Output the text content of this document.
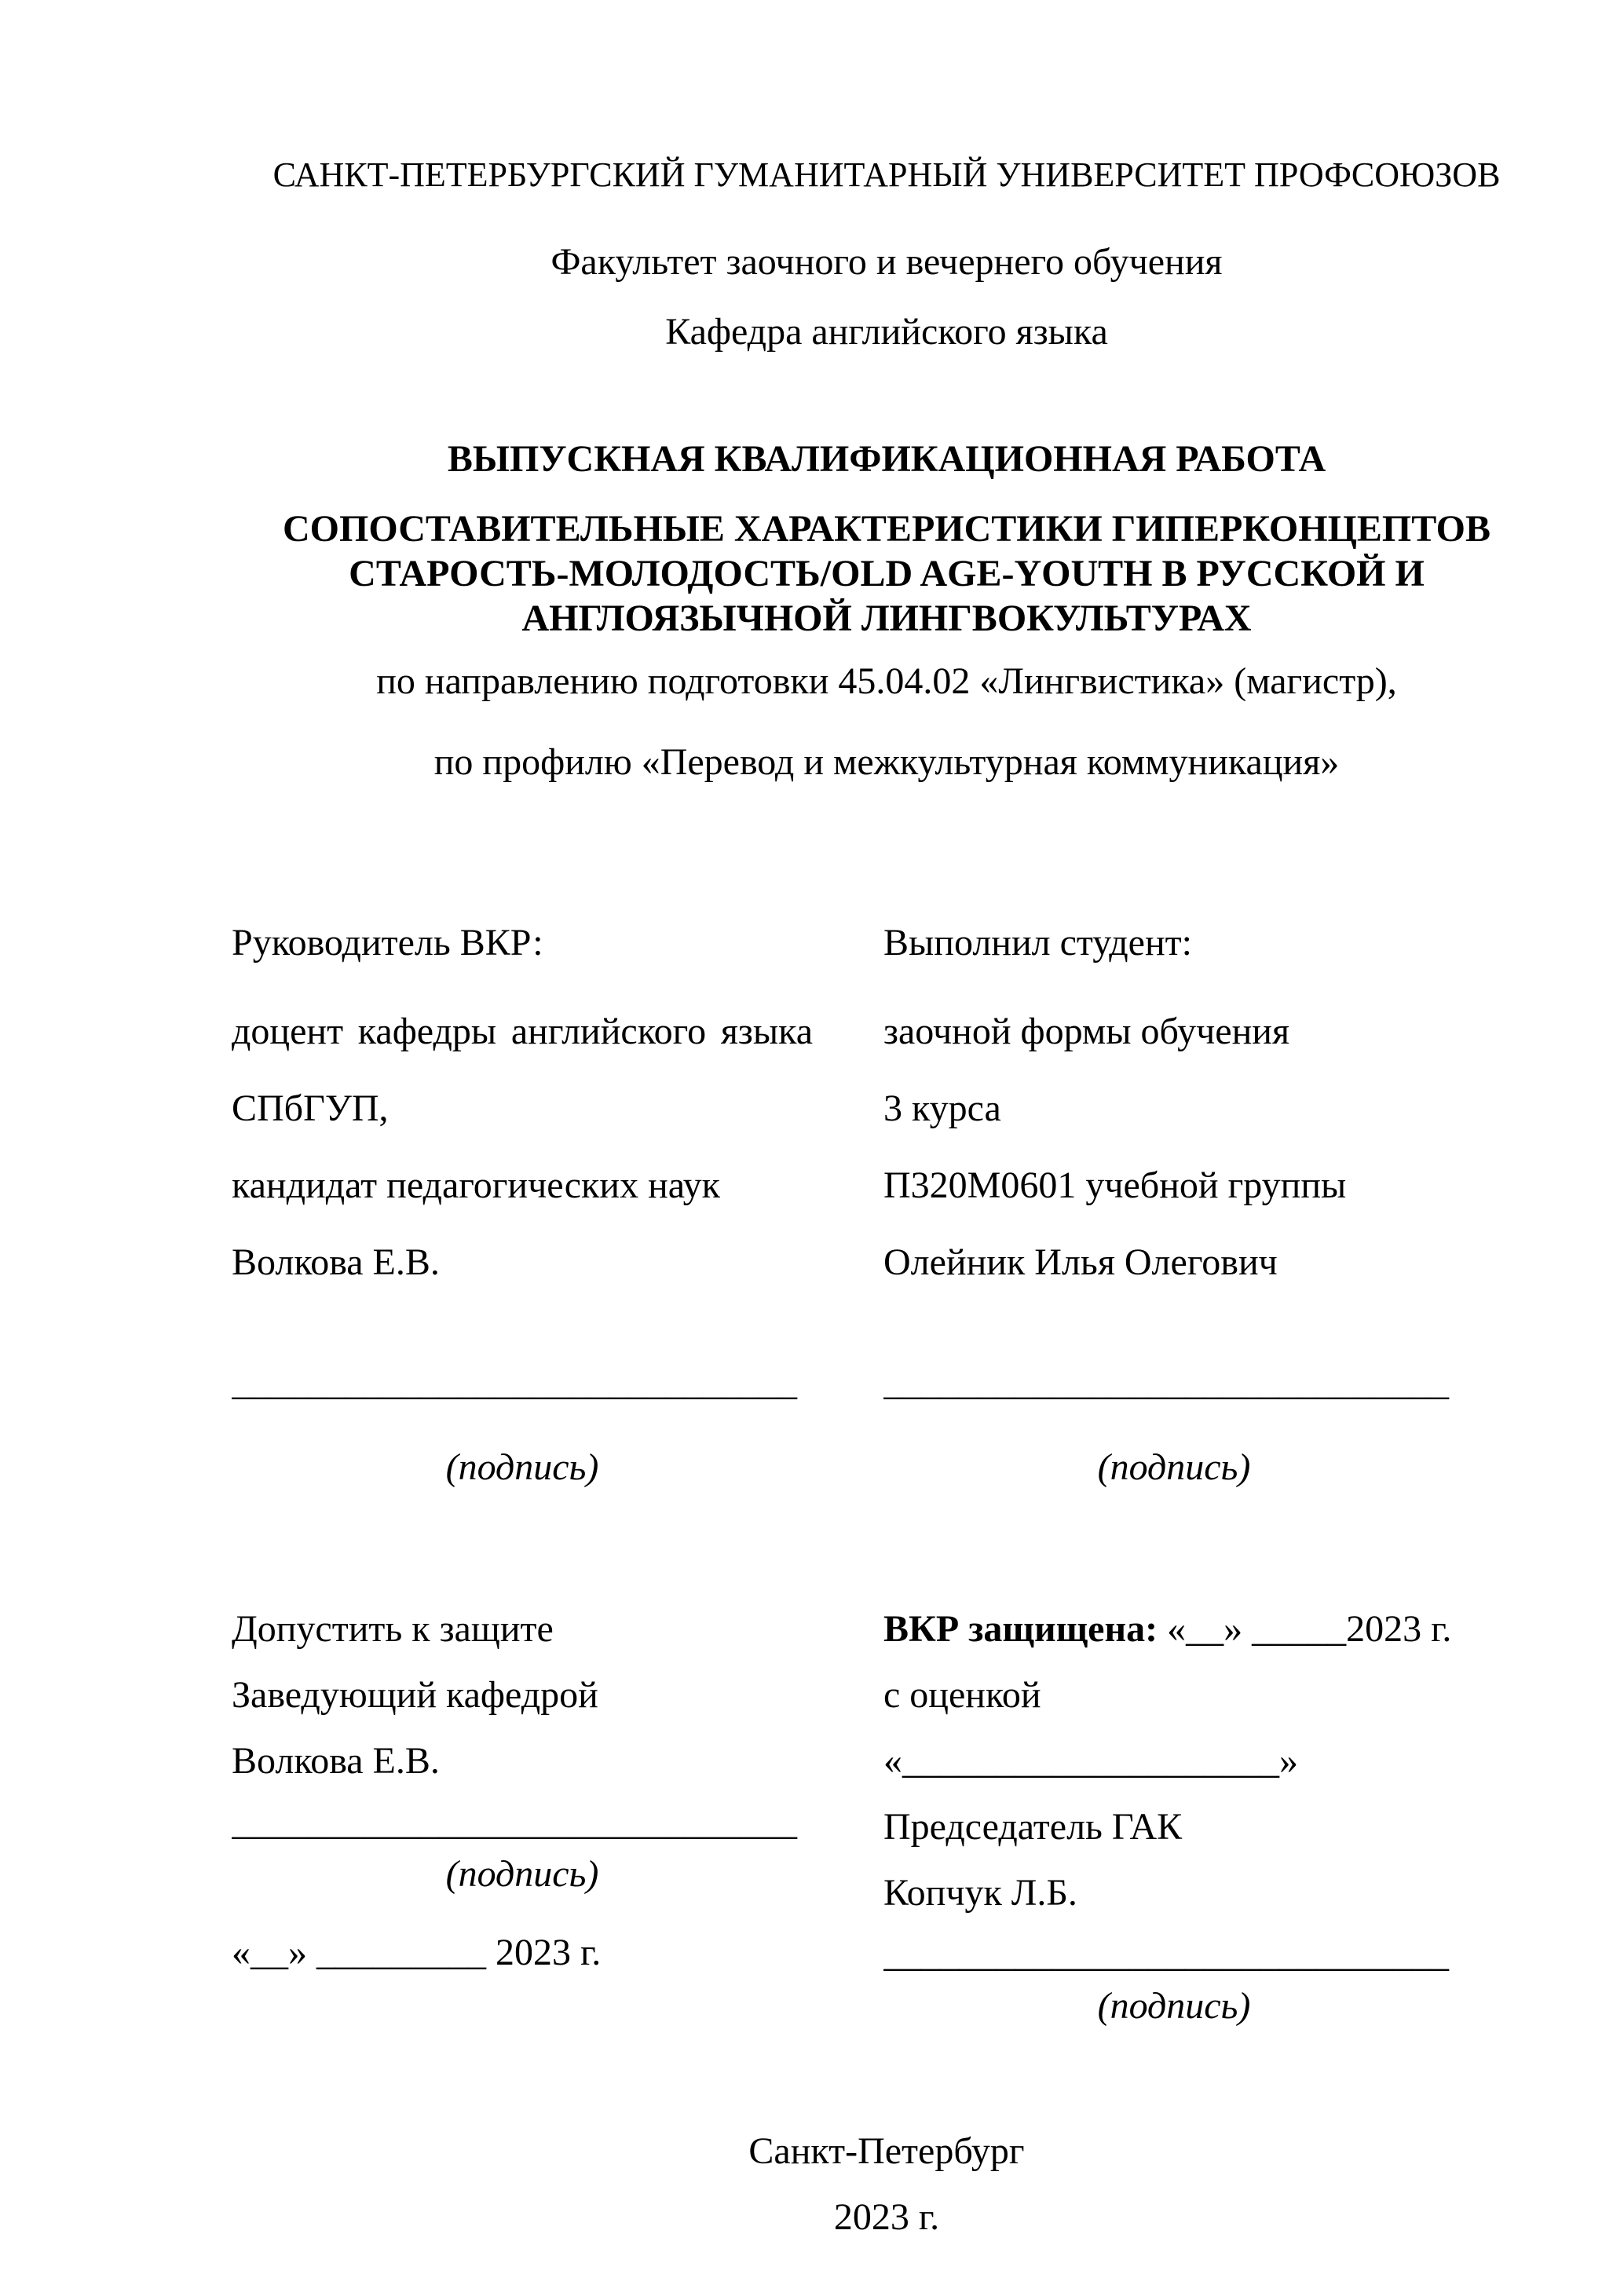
САНКТ-ПЕТЕРБУРГСКИЙ ГУМАНИТАРНЫЙ УНИВЕРСИТЕТ ПРОФСОЮЗОВ

Факультет заочного и вечернего обучения

Кафедра английского языка

ВЫПУСКНАЯ КВАЛИФИКАЦИОННАЯ РАБОТА

СОПОСТАВИТЕЛЬНЫЕ ХАРАКТЕРИСТИКИ ГИПЕРКОНЦЕПТОВ СТАРОСТЬ-МОЛОДОСТЬ/OLD AGE-YOUTH В РУССКОЙ И АНГЛОЯЗЫЧНОЙ ЛИНГВОКУЛЬТУРАХ

по направлению подготовки 45.04.02 «Лингвистика» (магистр),

по профилю «Перевод и межкультурная коммуникация»

Руководитель ВКР:

доцент кафедры английского языка СПбГУП,

кандидат педагогических наук

Волкова Е.В.

______________________________

(подпись)

Допустить к защите

Заведующий кафедрой

Волкова Е.В.

______________________________

(подпись)

«__» _________ 2023 г.

Выполнил студент:

заочной формы обучения

3 курса

П320М0601 учебной группы

Олейник Илья Олегович

______________________________

(подпись)

ВКР защищена: «__» _____2023 г.

с оценкой «____________________»

Председатель ГАК

Копчук Л.Б.

______________________________

(подпись)

Санкт-Петербург

2023 г.
